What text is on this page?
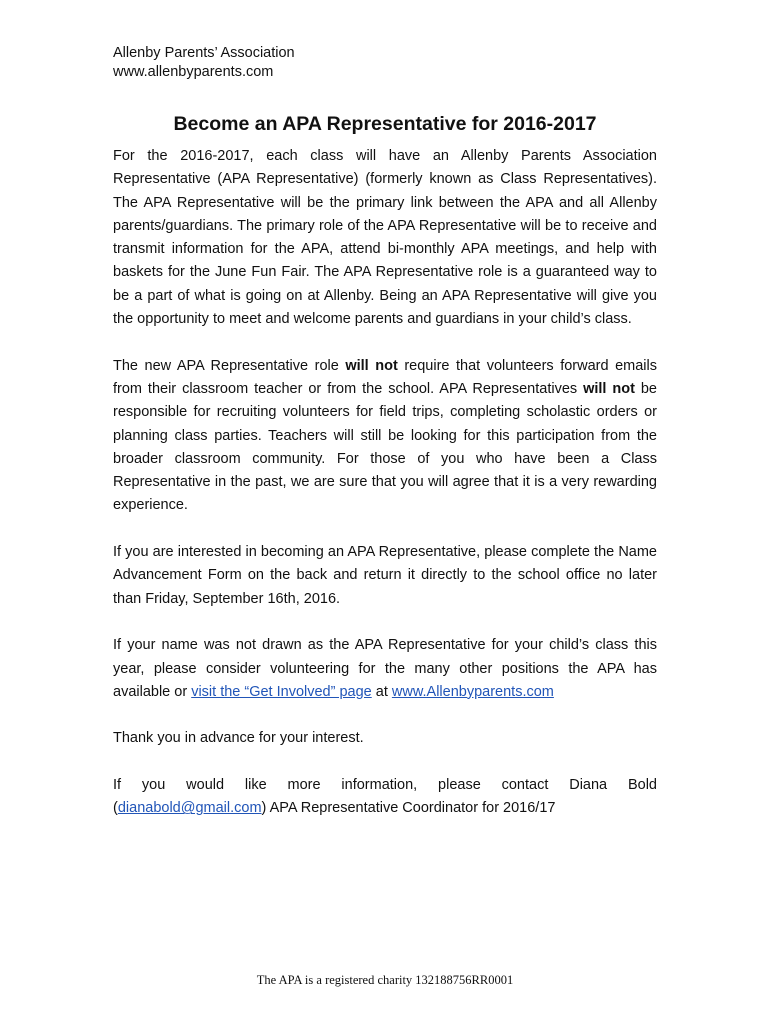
Allenby Parents’ Association
www.allenbyparents.com
Become an APA Representative for 2016-2017

For the 2016-2017, each class will have an Allenby Parents Association Representative (APA Representative) (formerly known as Class Representatives). The APA Representative will be the primary link between the APA and all Allenby parents/guardians. The primary role of the APA Representative will be to receive and transmit information for the APA, attend bi-monthly APA meetings, and help with baskets for the June Fun Fair. The APA Representative role is a guaranteed way to be a part of what is going on at Allenby. Being an APA Representative will give you the opportunity to meet and welcome parents and guardians in your child’s class.

The new APA Representative role will not require that volunteers forward emails from their classroom teacher or from the school. APA Representatives will not be responsible for recruiting volunteers for field trips, completing scholastic orders or planning class parties. Teachers will still be looking for this participation from the broader classroom community. For those of you who have been a Class Representative in the past, we are sure that you will agree that it is a very rewarding experience.

If you are interested in becoming an APA Representative, please complete the Name Advancement Form on the back and return it directly to the school office no later than Friday, September 16th, 2016.

If your name was not drawn as the APA Representative for your child’s class this year, please consider volunteering for the many other positions the APA has available or visit the “Get Involved” page at www.Allenbyparents.com

Thank you in advance for your interest.

If you would like more information, please contact Diana Bold
(dianabold@gmail.com) APA Representative Coordinator for 2016/17

The APA is a registered charity 132188756RR0001
